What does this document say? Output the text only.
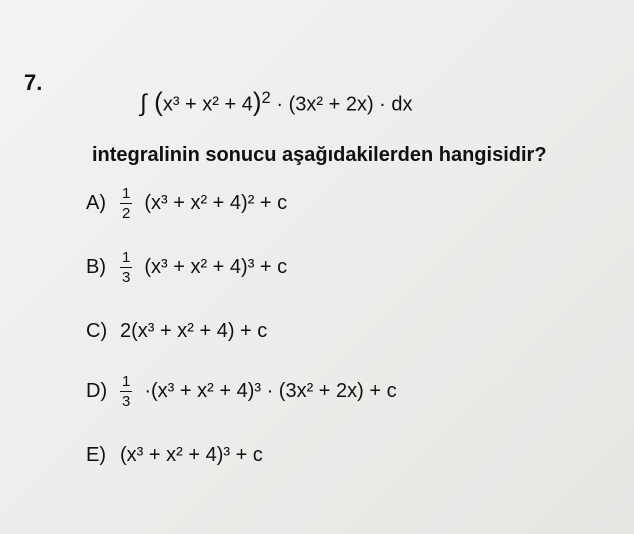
7.
∫ $(x^3 + x^2 + 4)^2 \cdot (3x^2 + 2x)$ · dx
integralinin sonucu aşağıdakilerden hangisidir?
$A) \frac{1}{2} (x^3 + x^2 + 4)^2 + c$
$B) \frac{1}{3} (x^3 + x^2 + 4)^3 + c$
C) 2(x³ + x² + 4) + c
$D) \frac{1}{3} \cdot(x^3 + x^2 + 4)^3 \cdot (3x^2 + 2x) + c$
E) (x³ + x² + 4)³ + c
